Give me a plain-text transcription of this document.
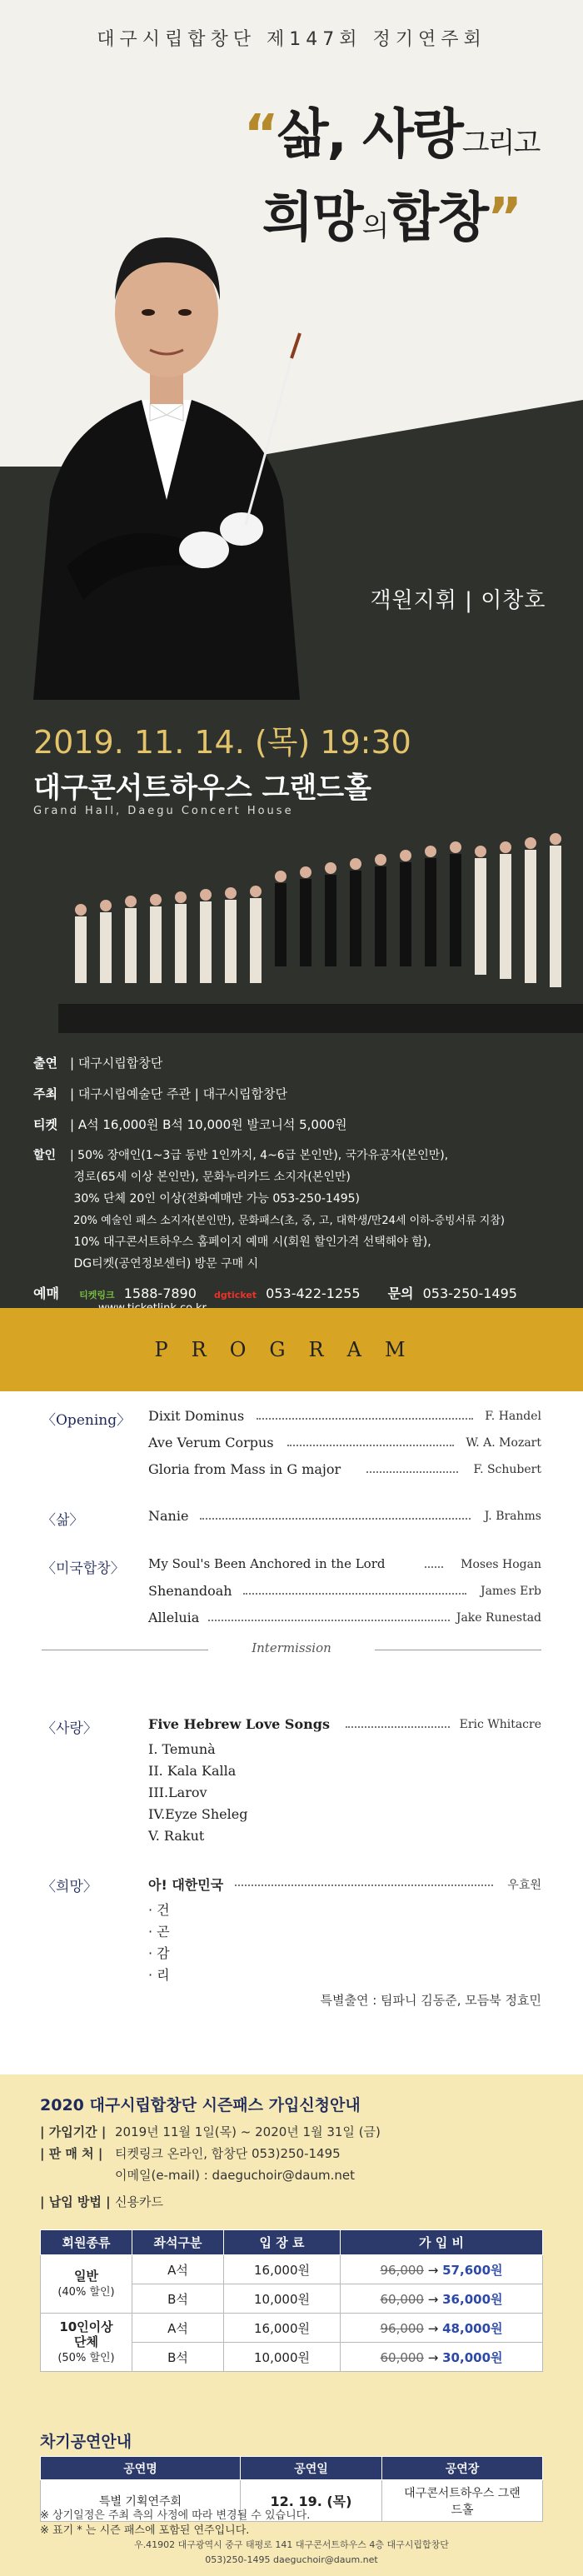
대구시립합창단 제147회 정기연주회
“삶, 사랑그리고
희망의합창”
객원지휘 | 이창호
2019. 11. 14. (목) 19:30
대구콘서트하우스 그랜드홀
Grand Hall, Daegu Concert House
출연 | 대구시립합창단
주최 | 대구시립예술단 주관 | 대구시립합창단
티켓 | A석 16,000원 B석 10,000원 발코니석 5,000원
할인 | 50% 장애인(1~3급 동반 1인까지, 4~6급 본인만), 국가유공자(본인만),
경로(65세 이상 본인만), 문화누리카드 소지자(본인만)
30% 단체 20인 이상(전화예매만 가능 053-250-1495)
20% 예술인 패스 소지자(본인만), 문화패스(초, 중, 고, 대학생/만24세 이하-증빙서류 지참)
10% 대구콘서트하우스 홈페이지 예매 시(회원 할인가격 선택해야 함),
DG티켓(공연정보센터) 방문 구매 시
예매 티켓링크 1588-7890 dgticket 053-422-1255 문의 053-250-1495
PROGRAM
〈Opening〉 Dixit Dominus	F. Handel
Ave Verum Corpus	W. A. Mozart
Gloria from Mass in G major	F. Schubert
〈삶〉	Nanie	J. Brahms
〈미국합창〉 My Soul's Been Anchored in the Lord	Moses Hogan
Shenandoah	James Erb
Alleluia	Jake Runestad
Intermission
〈사랑〉	Five Hebrew Love Songs	Eric Whitacre
I. Temunà
II. Kala Kalla
III.Larov
IV.Eyze Sheleg
V. Rakut
〈희망〉	아! 대한민국	우효원
· 건
· 곤
· 감
· 리
특별출연 : 팀파니 김동준, 모듬북 정효민
2020 대구시립합창단 시즌패스 가입신청안내
| 가입기간 | 2019년 11월 1일(목) ~ 2020년 1월 31일 (금)
| 판 매 처 | 티켓링크 온라인, 합창단 053)250-1495
이메일(e-mail) : daeguchoir@daum.net
| 납입 방법 | 신용카드
회원종류	좌석구분	입 장 료	가 입 비
일반
(40% 할인)	A석	16,000원	96,000 → 57,600원
	B석	10,000원	60,000 → 36,000원
10인이상
단체
(50% 할인)	A석	16,000원	96,000 → 48,000원
	B석	10,000원	60,000 → 30,000원
차기공연안내
공연명	공연일	공연장
특별 기획연주회	12. 19. (목)	대구콘서트하우스 그랜드홀
※ 상기일정은 주최 측의 사정에 따라 변경될 수 있습니다.
※ 표기 * 는 시즌 패스에 포함된 연주입니다.
우.41902 대구광역시 중구 태평로 141 대구콘서트하우스 4층 대구시립합창단
053)250-1495 daeguchoir@daum.net
